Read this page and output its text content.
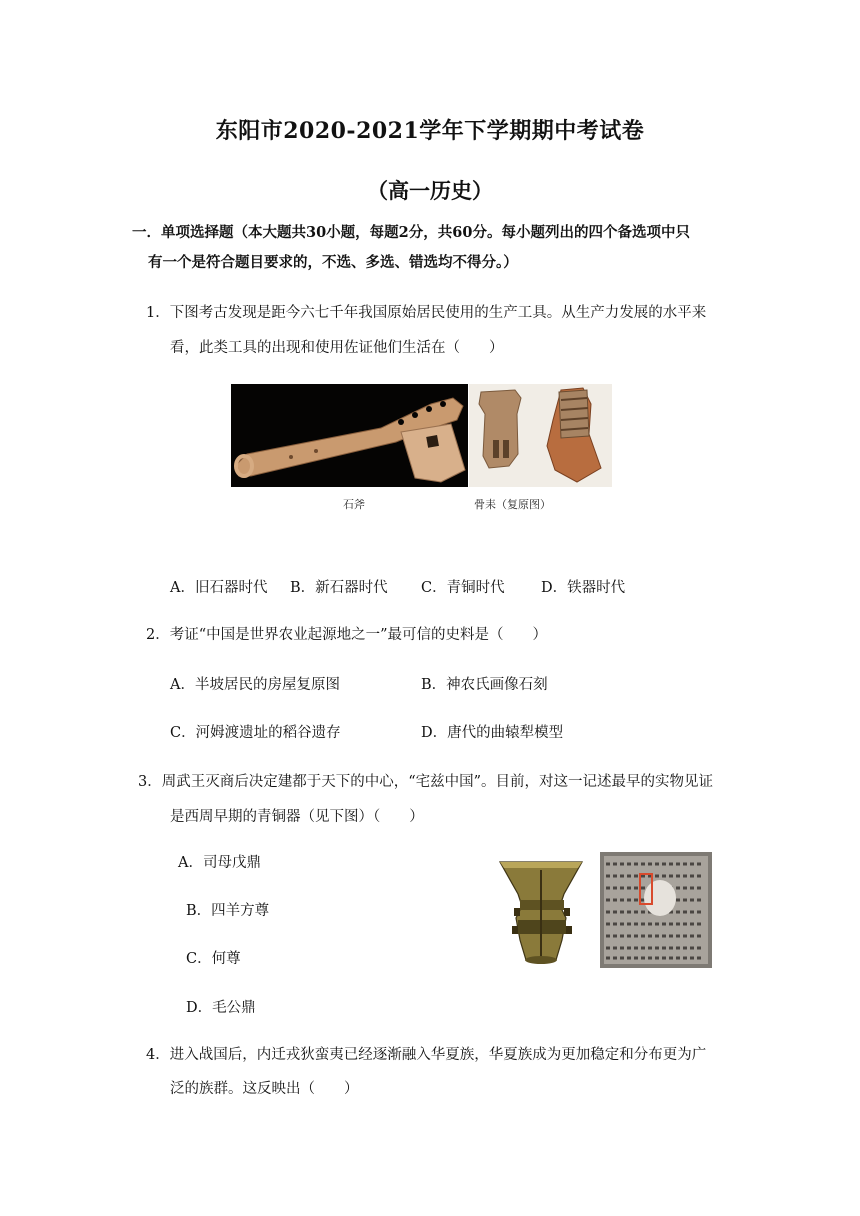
东阳市2020-2021学年下学期期中考试卷
（高一历史）
一．单项选择题（本大题共30小题，每题2分，共60分。每小题列出的四个备选项中只
有一个是符合题目要求的，不选、多选、错选均不得分。）
1．下图考古发现是距今六七千年我国原始居民使用的生产工具。从生产力发展的水平来
看，此类工具的出现和使用佐证他们生活在（　　）
石斧	骨耒（复原图）
A．旧石器时代 B．新石器时代 C．青铜时代	D．铁器时代
2．考证“中国是世界农业起源地之一”最可信的史料是（　　）
A．半坡居民的房屋复原图	B．神农氏画像石刻
C．河姆渡遗址的稻谷遗存	D．唐代的曲辕犁模型
3．周武王灭商后决定建都于天下的中心，“宅兹中国”。目前，对这一记述最早的实物见证
是西周早期的青铜器（见下图）（　　）
A．司母戊鼎
B．四羊方尊
C．何尊
D．毛公鼎
4．进入战国后，内迁戎狄蛮夷已经逐渐融入华夏族，华夏族成为更加稳定和分布更为广
泛的族群。这反映出（　　）
